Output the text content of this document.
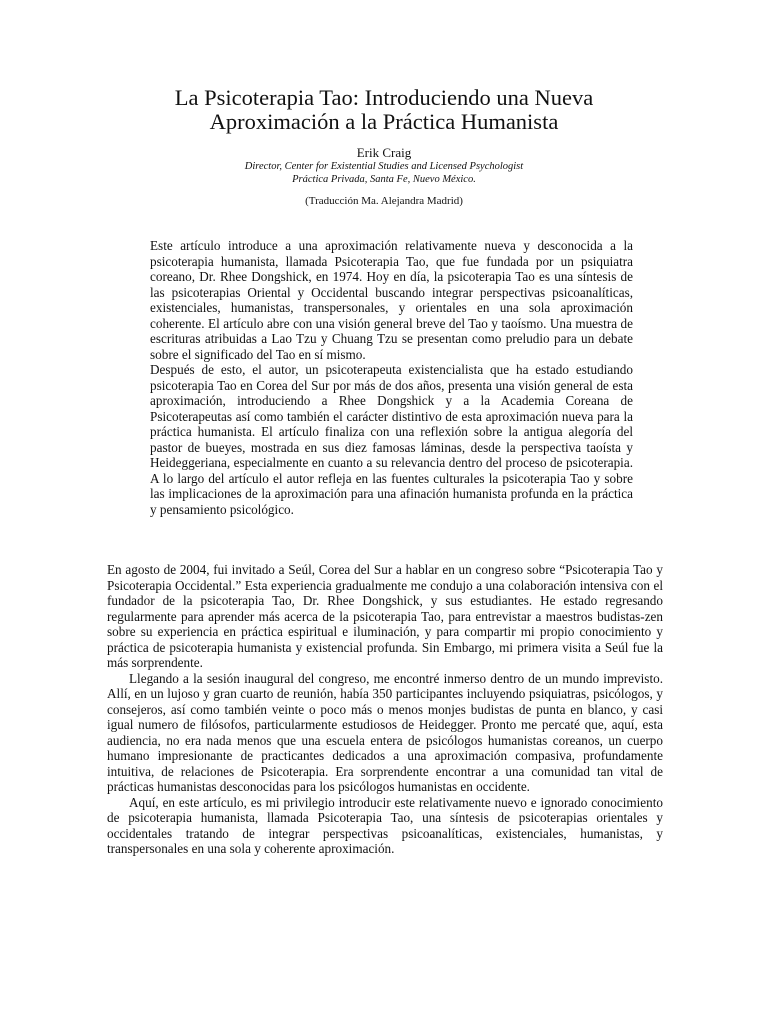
La Psicoterapia Tao: Introduciendo una Nueva
Aproximación a la Práctica Humanista
Erik Craig
Director, Center for Existential Studies and Licensed Psychologist
Práctica Privada, Santa Fe, Nuevo México.
(Traducción Ma. Alejandra Madrid)

Este artículo introduce a una aproximación relativamente nueva y desconocida a la psicoterapia humanista, llamada Psicoterapia Tao, que fue fundada por un psiquiatra coreano, Dr. Rhee Dongshick, en 1974. Hoy en día, la psicoterapia Tao es una síntesis de las psicoterapias Oriental y Occidental buscando integrar perspectivas psicoanalíticas, existenciales, humanistas, transpersonales, y orientales en una sola aproximación coherente. El artículo abre con una visión general breve del Tao y taoísmo. Una muestra de escrituras atribuidas a Lao Tzu y Chuang Tzu se presentan como preludio para un debate sobre el significado del Tao en sí mismo.

Después de esto, el autor, un psicoterapeuta existencialista que ha estado estudiando psicoterapia Tao en Corea del Sur por más de dos años, presenta una visión general de esta aproximación, introduciendo a Rhee Dongshick y a la Academia Coreana de Psicoterapeutas así como también el carácter distintivo de esta aproximación nueva para la práctica humanista. El artículo finaliza con una reflexión sobre la antigua alegoría del pastor de bueyes, mostrada en sus diez famosas láminas, desde la perspectiva taoísta y Heideggeriana, especialmente en cuanto a su relevancia dentro del proceso de psicoterapia. A lo largo del artículo el autor refleja en las fuentes culturales la psicoterapia Tao y sobre las implicaciones de la aproximación para una afinación humanista profunda en la práctica y pensamiento psicológico.

En agosto de 2004, fui invitado a Seúl, Corea del Sur a hablar en un congreso sobre “Psicoterapia Tao y Psicoterapia Occidental.” Esta experiencia gradualmente me condujo a una colaboración intensiva con el fundador de la psicoterapia Tao, Dr. Rhee Dongshick, y sus estudiantes. He estado regresando regularmente para aprender más acerca de la psicoterapia Tao, para entrevistar a maestros budistas-zen sobre su experiencia en práctica espiritual e iluminación, y para compartir mi propio conocimiento y práctica de psicoterapia humanista y existencial profunda. Sin Embargo, mi primera visita a Seúl fue la más sorprendente.

Llegando a la sesión inaugural del congreso, me encontré inmerso dentro de un mundo imprevisto. Allí, en un lujoso y gran cuarto de reunión, había 350 participantes incluyendo psiquiatras, psicólogos, y consejeros, así como también veinte o poco más o menos monjes budistas de punta en blanco, y casi igual numero de filósofos, particularmente estudiosos de Heidegger. Pronto me percaté que, aquí, esta audiencia, no era nada menos que una escuela entera de psicólogos humanistas coreanos, un cuerpo humano impresionante de practicantes dedicados a una aproximación compasiva, profundamente intuitiva, de relaciones de Psicoterapia. Era sorprendente encontrar a una comunidad tan vital de prácticas humanistas desconocidas para los psicólogos humanistas en occidente.

Aquí, en este artículo, es mi privilegio introducir este relativamente nuevo e ignorado conocimiento de psicoterapia humanista, llamada Psicoterapia Tao, una síntesis de psicoterapias orientales y occidentales tratando de integrar perspectivas psicoanalíticas, existenciales, humanistas, y transpersonales en una sola y coherente aproximación.
